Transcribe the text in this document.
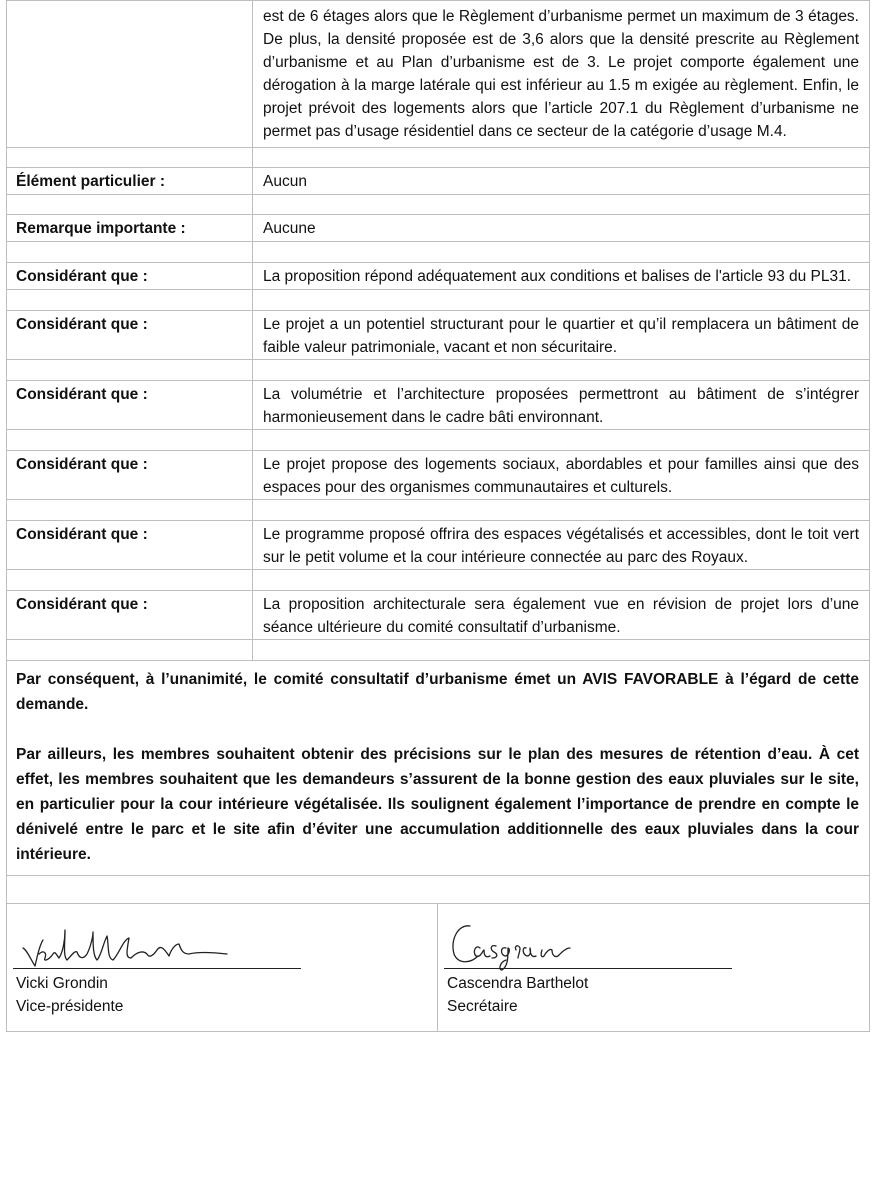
	est de 6 étages alors que le Règlement d’urbanisme permet un maximum de 3 étages. De plus, la densité proposée est de 3,6 alors que la densité prescrite au Règlement d’urbanisme et au Plan d’urbanisme est de 3. Le projet comporte également une dérogation à la marge latérale qui est inférieur au 1.5 m exigée au règlement. Enfin, le projet prévoit des logements alors que l’article 207.1 du Règlement d’urbanisme ne permet pas d’usage résidentiel dans ce secteur de la catégorie d’usage M.4.

Élément particulier :	Aucun

Remarque importante :	Aucune

Considérant que :	La proposition répond adéquatement aux conditions et balises de l'article 93 du PL31.

Considérant que :	Le projet a un potentiel structurant pour le quartier et qu’il remplacera un bâtiment de faible valeur patrimoniale, vacant et non sécuritaire.

Considérant que :	La volumétrie et l’architecture proposées permettront au bâtiment de s’intégrer harmonieusement dans le cadre bâti environnant.

Considérant que :	Le projet propose des logements sociaux, abordables et pour familles ainsi que des espaces pour des organismes communautaires et culturels.

Considérant que :	Le programme proposé offrira des espaces végétalisés et accessibles, dont le toit vert sur le petit volume et la cour intérieure connectée au parc des Royaux.

Considérant que :	La proposition architecturale sera également vue en révision de projet lors d’une séance ultérieure du comité consultatif d’urbanisme.

Par conséquent, à l’unanimité, le comité consultatif d’urbanisme émet un AVIS FAVORABLE à l’égard de cette demande.

Par ailleurs, les membres souhaitent obtenir des précisions sur le plan des mesures de rétention d’eau. À cet effet, les membres souhaitent que les demandeurs s’assurent de la bonne gestion des eaux pluviales sur le site, en particulier pour la cour intérieure végétalisée. Ils soulignent également l’importance de prendre en compte le dénivelé entre le parc et le site afin d’éviter une accumulation additionnelle des eaux pluviales dans la cour intérieure.	

Vicki Grondin
Vice-présidente
Cascendra Barthelot
Secrétaire
